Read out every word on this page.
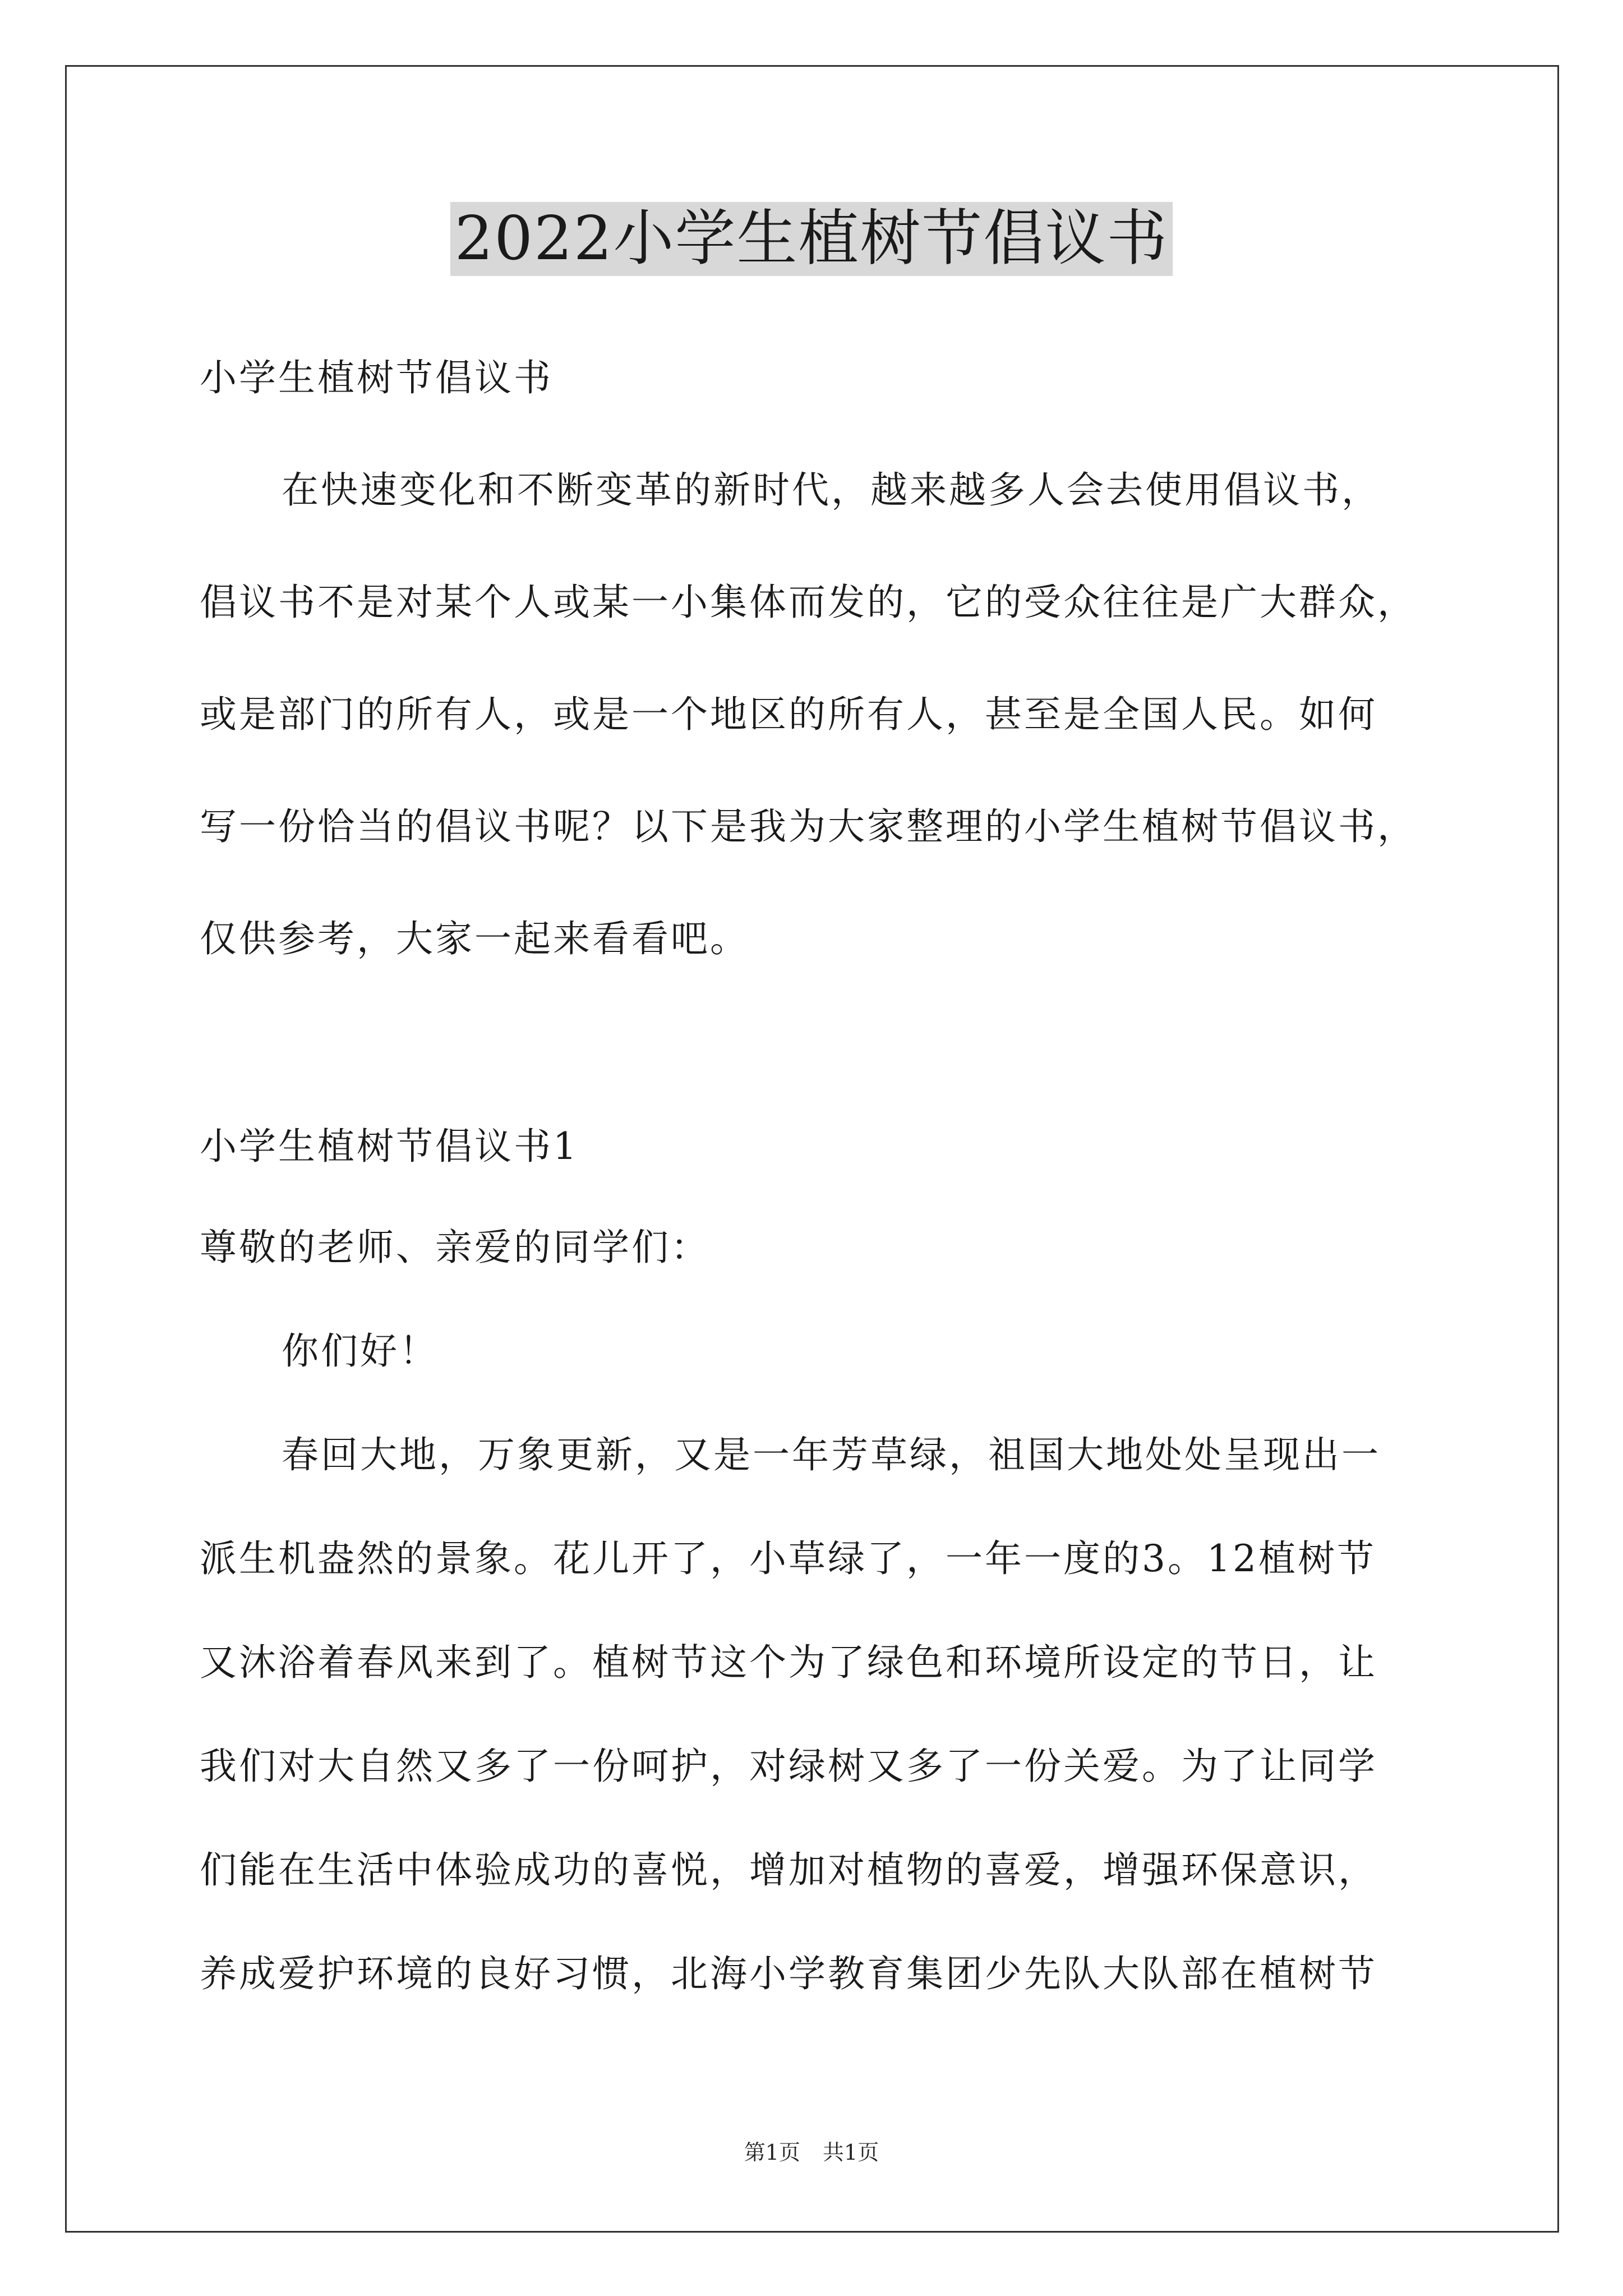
2022小学生植树节倡议书
小学生植树节倡议书
在快速变化和不断变革的新时代，越来越多人会去使用倡议书，
倡议书不是对某个人或某一小集体而发的，它的受众往往是广大群众，
或是部门的所有人，或是一个地区的所有人，甚至是全国人民。如何
写一份恰当的倡议书呢？以下是我为大家整理的小学生植树节倡议书，
仅供参考，大家一起来看看吧。
小学生植树节倡议书1
尊敬的老师、亲爱的同学们：
你们好！
春回大地，万象更新，又是一年芳草绿，祖国大地处处呈现出一
派生机盎然的景象。花儿开了，小草绿了，一年一度的3。12植树节
又沐浴着春风来到了。植树节这个为了绿色和环境所设定的节日，让
我们对大自然又多了一份呵护，对绿树又多了一份关爱。为了让同学
们能在生活中体验成功的喜悦，增加对植物的喜爱，增强环保意识，
养成爱护环境的良好习惯，北海小学教育集团少先队大队部在植树节
第1页 共1页
